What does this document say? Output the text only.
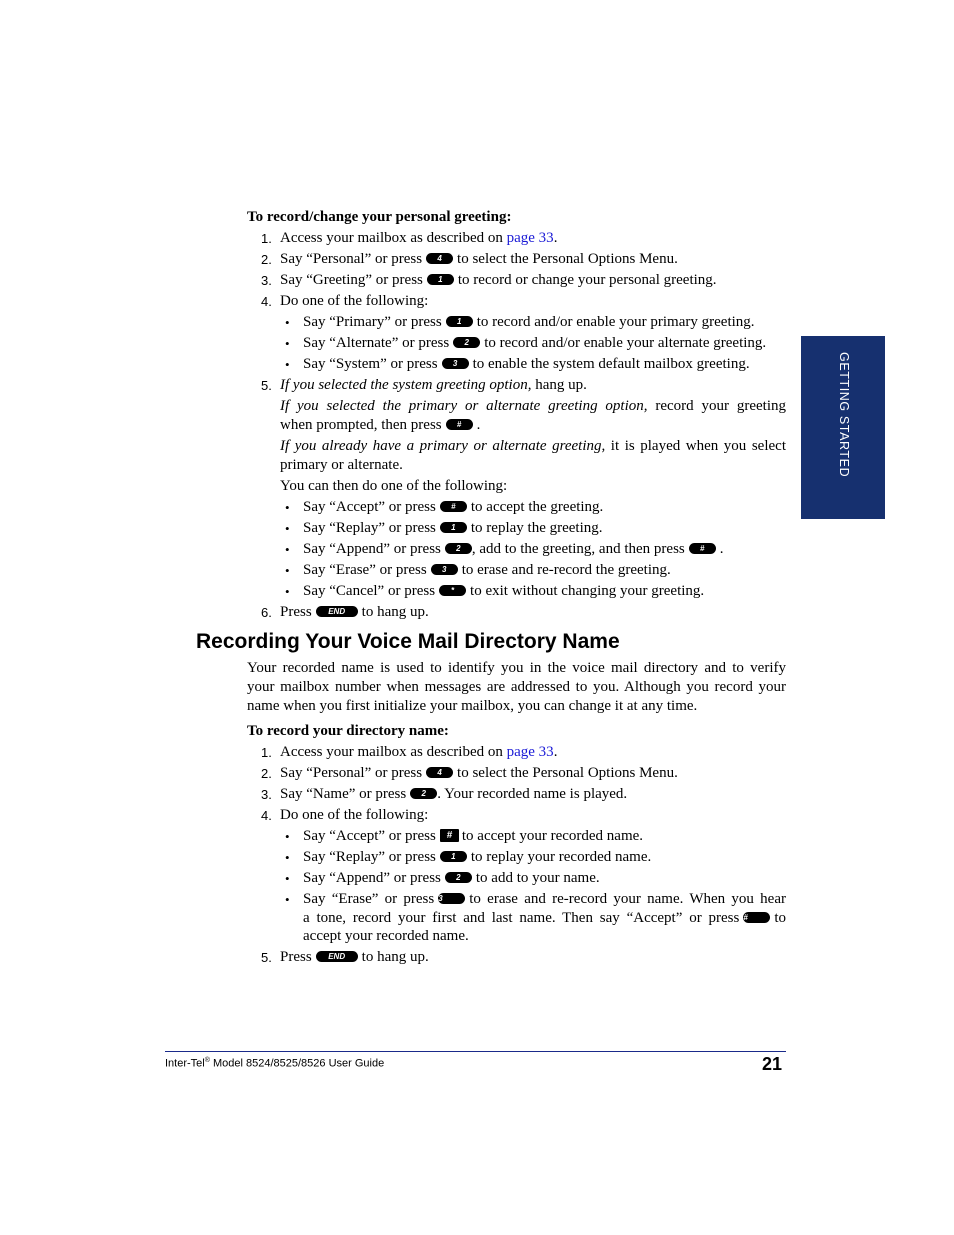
To record/change your personal greeting:
1. Access your mailbox as described on page 33.
2. Say “Personal” or press 4 to select the Personal Options Menu.
3. Say “Greeting” or press 1 to record or change your personal greeting.
4. Do one of the following:
• Say “Primary” or press 1 to record and/or enable your primary greeting.
• Say “Alternate” or press 2 to record and/or enable your alternate greeting.
• Say “System” or press 3 to enable the system default mailbox greeting.
5. If you selected the system greeting option, hang up.
If you selected the primary or alternate greeting option, record your greeting
when prompted, then press # .
If you already have a primary or alternate greeting, it is played when you select
primary or alternate.
You can then do one of the following:
• Say “Accept” or press # to accept the greeting.
• Say “Replay” or press 1 to replay the greeting.
• Say “Append” or press 2 , add to the greeting, and then press # .
• Say “Erase” or press 3 to erase and re-record the greeting.
• Say “Cancel” or press * to exit without changing your greeting.
6. Press END to hang up.
Recording Your Voice Mail Directory Name
Your recorded name is used to identify you in the voice mail directory and to verify
your mailbox number when messages are addressed to you. Although you record your
name when you first initialize your mailbox, you can change it at any time.
To record your directory name:
1. Access your mailbox as described on page 33.
2. Say “Personal” or press 4 to select the Personal Options Menu.
3. Say “Name” or press 2 . Your recorded name is played.
4. Do one of the following:
• Say “Accept” or press # to accept your recorded name.
• Say “Replay” or press 1 to replay your recorded name.
• Say “Append” or press 2 to add to your name.
• Say “Erase” or press 3 to erase and re-record your name. When you hear
a tone, record your first and last name. Then say “Accept” or press # to
accept your recorded name.
5. Press END to hang up.
GETTING STARTED
Inter-Tel® Model 8524/8525/8526 User Guide	21
